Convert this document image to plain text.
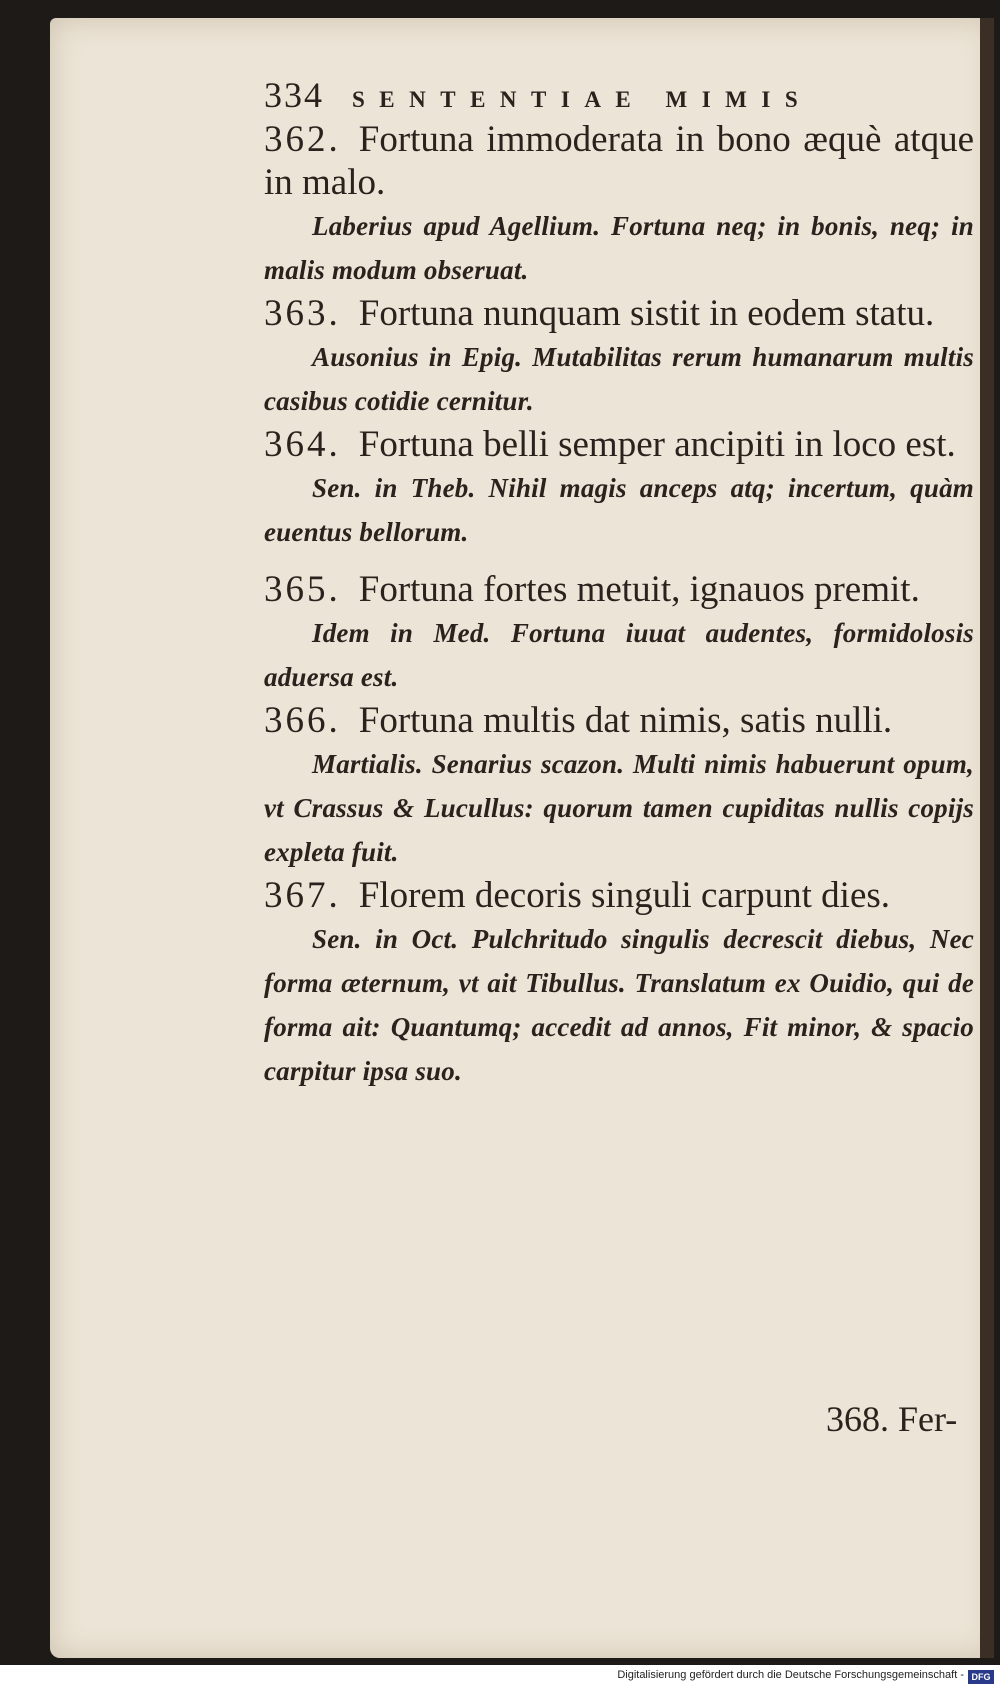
334 SENTENTIAE MIMIS
362. Fortuna immoderata in bono æquè atque in malo.
Laberius apud Agellium. Fortuna neq; in bonis, neq; in malis modum obseruat.
363. Fortuna nunquam sistit in eodem statu.
Ausonius in Epig. Mutabilitas rerum humanarum multis casibus cotidie cernitur.
364. Fortuna belli semper ancipiti in loco est.
Sen. in Theb. Nihil magis anceps atq; incertum, quàm euentus bellorum.
365. Fortuna fortes metuit, ignauos premit.
Idem in Med. Fortuna iuuat audentes, formidolosis aduersa est.
366. Fortuna multis dat nimis, satis nulli.
Martialis. Senarius scazon. Multi nimis habuerunt opum, vt Crassus & Lucullus: quorum tamen cupiditas nullis copijs expleta fuit.
367. Florem decoris singuli carpunt dies.
Sen. in Oct. Pulchritudo singulis decrescit diebus, Nec forma æternum, vt ait Tibullus. Translatum ex Ouidio, qui de forma ait: Quantumq; accedit ad annos, Fit minor, & spacio carpitur ipsa suo.
368. Fer-
Digitalisierung gefördert durch die Deutsche Forschungsgemeinschaft - DFG
